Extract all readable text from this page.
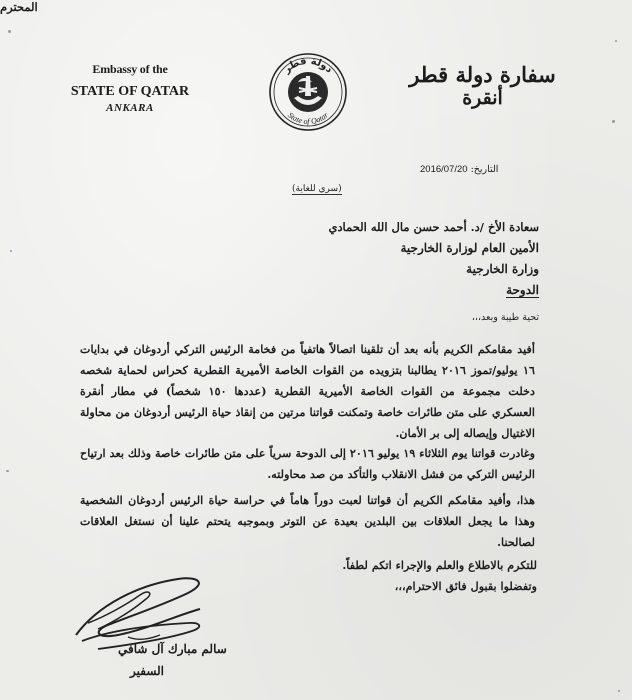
Embassy of the
STATE OF QATAR
ANKARA
دولة قطر
State of Qatar
سفارة دولة قطر
أنقرة
التاريخ: 2016/07/20
(سري للغاية)
سعادة الأخ /د. أحمد حسن مال الله الحمادي
المحترم
الأمين العام لوزارة الخارجية
وزارة الخارجية
الدوحة
تحية طيبة وبعد،،،
أفيد مقامكم الكريم بأنه بعد أن تلقينا اتصالاً هاتفياً من فخامة الرئيس التركي أردوغان في بدايات ١٦ يوليو/تموز ٢٠١٦ يطالبنا بتزويده من القوات الخاصة الأميرية القطرية كحراس لحماية شخصه دخلت مجموعة من القوات الخاصة الأميرية القطرية (عددها ١٥٠ شخصاً) في مطار أنقرة العسكري على متن طائرات خاصة وتمكنت قواتنا مرتين من إنقاذ حياة الرئيس أردوغان من محاولة الاغتيال وإيصاله إلى بر الأمان.
وغادرت قواتنا يوم الثلاثاء ١٩ يوليو ٢٠١٦ إلى الدوحة سرياً على متن طائرات خاصة وذلك بعد ارتياح الرئيس التركي من فشل الانقلاب والتأكد من صد محاولته.
هذا، وأفيد مقامكم الكريم أن قواتنا لعبت دوراً هاماً في حراسة حياة الرئيس أردوغان الشخصية وهذا ما يجعل العلاقات بين البلدين بعيدة عن التوتر وبموجبه يتحتم علينا أن نستغل العلاقات لصالحنا.
للتكرم بالاطلاع والعلم والإجراء اتكم لطفاً.
وتفضلوا بقبول فائق الاحترام،،،
سالم مبارك آل شافي
السفير
